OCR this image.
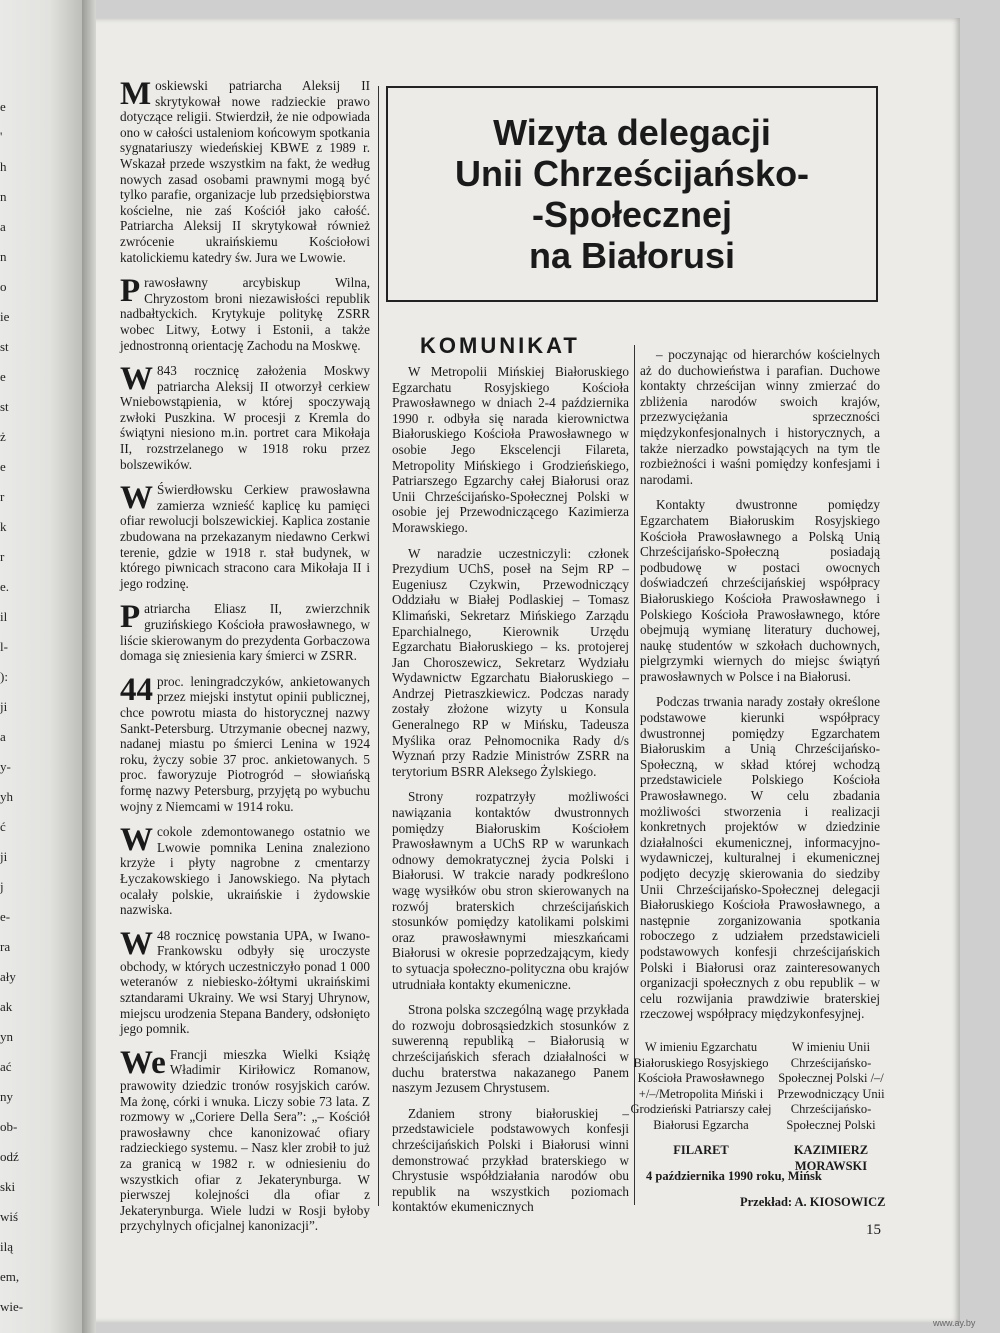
e
'
h
n
a
n
o
ie
st
e
st
ż
e
r
k
r
e.
il
l-
):
ji
a
y-
yh
ć
ji
j
e-
ra
ały
ak
yn
ać
ny
ob-
odź
ski
wiś
ilą
em,
wie-

Moskiewski patriarcha Aleksij II skrytykował nowe radzieckie prawo dotyczące religii. Stwierdził, że nie odpowiada ono w całości ustaleniom końcowym spotkania sygnatariuszy wiedeńskiej KBWE z 1989 r. Wskazał przede wszystkim na fakt, że według nowych zasad osobami prawnymi mogą być tylko parafie, organizacje lub przedsiębiorstwa kościelne, nie zaś Kościół jako całość. Patriarcha Aleksij II skrytykował również zwrócenie ukraińskiemu Kościołowi katolickiemu katedry św. Jura we Lwowie.

Prawosławny arcybiskup Wilna, Chryzostom broni niezawisłości republik nadbałtyckich. Krytykuje politykę ZSRR wobec Litwy, Łotwy i Estonii, a także jednostronną orientację Zachodu na Moskwę.

W 843 rocznicę założenia Moskwy patriarcha Aleksij II otworzył cerkiew Wniebowstąpienia, w której spoczywają zwłoki Puszkina. W procesji z Kremla do świątyni niesiono m.in. portret cara Mikołaja II, rozstrzelanego w 1918 roku przez bolszewików.

W Świerdłowsku Cerkiew prawosławna zamierza wznieść kaplicę ku pamięci ofiar rewolucji bolszewickiej. Kaplica zostanie zbudowana na przekazanym niedawno Cerkwi terenie, gdzie w 1918 r. stał budynek, w którego piwnicach stracono cara Mikołaja II i jego rodzinę.

Patriarcha Eliasz II, zwierzchnik gruzińskiego Kościoła prawosławnego, w liście skierowanym do prezydenta Gorbaczowa domaga się zniesienia kary śmierci w ZSRR.

44 proc. leningradczyków, ankietowanych przez miejski instytut opinii publicznej, chce powrotu miasta do historycznej nazwy Sankt-Petersburg. Utrzymanie obecnej nazwy, nadanej miastu po śmierci Lenina w 1924 roku, życzy sobie 37 proc. ankietowanych. 5 proc. faworyzuje Piotrogród – słowiańską formę nazwy Petersburg, przyjętą po wybuchu wojny z Niemcami w 1914 roku.

Wcokole zdemontowanego ostatnio we Lwowie pomnika Lenina znaleziono krzyże i płyty nagrobne z cmentarzy Łyczakowskiego i Janowskiego. Na płytach ocalały polskie, ukraińskie i żydowskie nazwiska.

W 48 rocznicę powstania UPA, w Iwano-Frankowsku odbyły się uroczyste obchody, w których uczestniczyło ponad 1 000 weteranów z niebiesko-żółtymi ukraińskimi sztandarami Ukrainy. We wsi Staryj Uhrynow, miejscu urodzenia Stepana Bandery, odsłonięto jego pomnik.

We Francji mieszka Wielki Książę Władimir Kiriłowicz Romanow, prawowity dziedzic tronów rosyjskich carów. Ma żonę, córki i wnuka. Liczy sobie 73 lata. Z rozmowy w „Coriere Della Sera”: „– Kościół prawosławny chce kanonizować ofiary radzieckiego systemu. – Nasz kler zrobił to już za granicą w 1982 r. w odniesieniu do wszystkich ofiar z Jekaterynburga. W pierwszej kolejności dla ofiar z Jekaterynburga. Wiele ludzi w Rosji byłoby przychylnych oficjalnej kanonizacji”.

Wizyta delegacji
Unii Chrześcijańsko-
-Społecznej
na Białorusi
KOMUNIKAT

W Metropolii Mińskiej Białoruskiego Egzarchatu Rosyjskiego Kościoła Prawosławnego w dniach 2-4 października 1990 r. odbyła się narada kierownictwa Białoruskiego Kościoła Prawosławnego w osobie Jego Ekscelencji Filareta, Metropolity Mińskiego i Grodzieńskiego, Patriarszego Egzarchy całej Białorusi oraz Unii Chrześcijańsko-Społecznej Polski w osobie jej Przewodniczącego Kazimierza Morawskiego.

W naradzie uczestniczyli: członek Prezydium UChS, poseł na Sejm RP – Eugeniusz Czykwin, Przewodniczący Oddziału w Białej Podlaskiej – Tomasz Klimański, Sekretarz Mińskiego Zarządu Eparchialnego, Kierownik Urzędu Egzarchatu Białoruskiego – ks. protojerej Jan Choroszewicz, Sekretarz Wydziału Wydawnictw Egzarchatu Białoruskiego – Andrzej Pietraszkiewicz. Podczas narady zostały złożone wizyty u Konsula Generalnego RP w Mińsku, Tadeusza Myślika oraz Pełnomocnika Rady d/s Wyznań przy Radzie Ministrów ZSRR na terytorium BSRR Aleksego Żylskiego.

Strony rozpatrzyły możliwości nawiązania kontaktów dwustronnych pomiędzy Białoruskim Kościołem Prawosławnym a UChS RP w warunkach odnowy demokratycznej życia Polski i Białorusi. W trakcie narady podkreślono wagę wysiłków obu stron skierowanych na rozwój braterskich chrześcijańskich stosunków pomiędzy katolikami polskimi oraz prawosławnymi mieszkańcami Białorusi w okresie poprzedzającym, kiedy to sytuacja społeczno-polityczna obu krajów utrudniała kontakty ekumeniczne.

Strona polska szczególną wagę przykłada do rozwoju dobrosąsiedzkich stosunków z suwerenną republiką – Białorusią w chrześcijańskich sferach działalności w duchu braterstwa nakazanego Panem naszym Jezusem Chrystusem.

Zdaniem strony białoruskiej – przedstawiciele podstawowych konfesji chrześcijańskich Polski i Białorusi winni demonstrować przykład braterskiego w Chrystusie współdziałania narodów obu republik na wszystkich poziomach kontaktów ekumenicznych

– poczynając od hierarchów kościelnych aż do duchowieństwa i parafian. Duchowe kontakty chrześcijan winny zmierzać do zbliżenia narodów swoich krajów, przezwyciężania sprzeczności międzykonfesjonalnych i historycznych, a także nierzadko powstających na tym tle rozbieżności i waśni pomiędzy konfesjami i narodami.

Kontakty dwustronne pomiędzy Egzarchatem Białoruskim Rosyjskiego Kościoła Prawosławnego a Polską Unią Chrześcijańsko-Społeczną posiadają podbudowę w postaci owocnych doświadczeń chrześcijańskiej współpracy Białoruskiego Kościoła Prawosławnego i Polskiego Kościoła Prawosławnego, które obejmują wymianę literatury duchowej, naukę studentów w szkołach duchownych, pielgrzymki wiernych do miejsc świątyń prawosławnych w Polsce i na Białorusi.

Podczas trwania narady zostały określone podstawowe kierunki współpracy dwustronnej pomiędzy Egzarchatem Białoruskim a Unią Chrześcijańsko-Społeczną, w skład której wchodzą przedstawiciele Polskiego Kościoła Prawosławnego. W celu zbadania możliwości stworzenia i realizacji konkretnych projektów w dziedzinie działalności ekumenicznej, informacyjno-wydawniczej, kulturalnej i ekumenicznej podjęto decyzję skierowania do siedziby Unii Chrześcijańsko-Społecznej delegacji Białoruskiego Kościoła Prawosławnego, a następnie zorganizowania spotkania roboczego z udziałem przedstawicieli podstawowych konfesji chrześcijańskich Polski i Białorusi oraz zainteresowanych organizacji społecznych z obu republik – w celu rozwijania prawdziwie braterskiej rzeczowej współpracy międzykonfesyjnej.

W imieniu Egzarchatu Białoruskiego Rosyjskiego Kościoła Prawosławnego +/–/Metropolita Miński i Grodzieński Patriarszy całej Białorusi Egzarcha
FILARET
W imieniu Unii Chrześcijańsko-Społecznej Polski /–/ Przewodniczący Unii Chrześcijańsko-Społecznej Polski
KAZIMIERZ MORAWSKI
4 października 1990 roku, Mińsk
Przekład: A. KIOSOWICZ
15
www.ay.by
